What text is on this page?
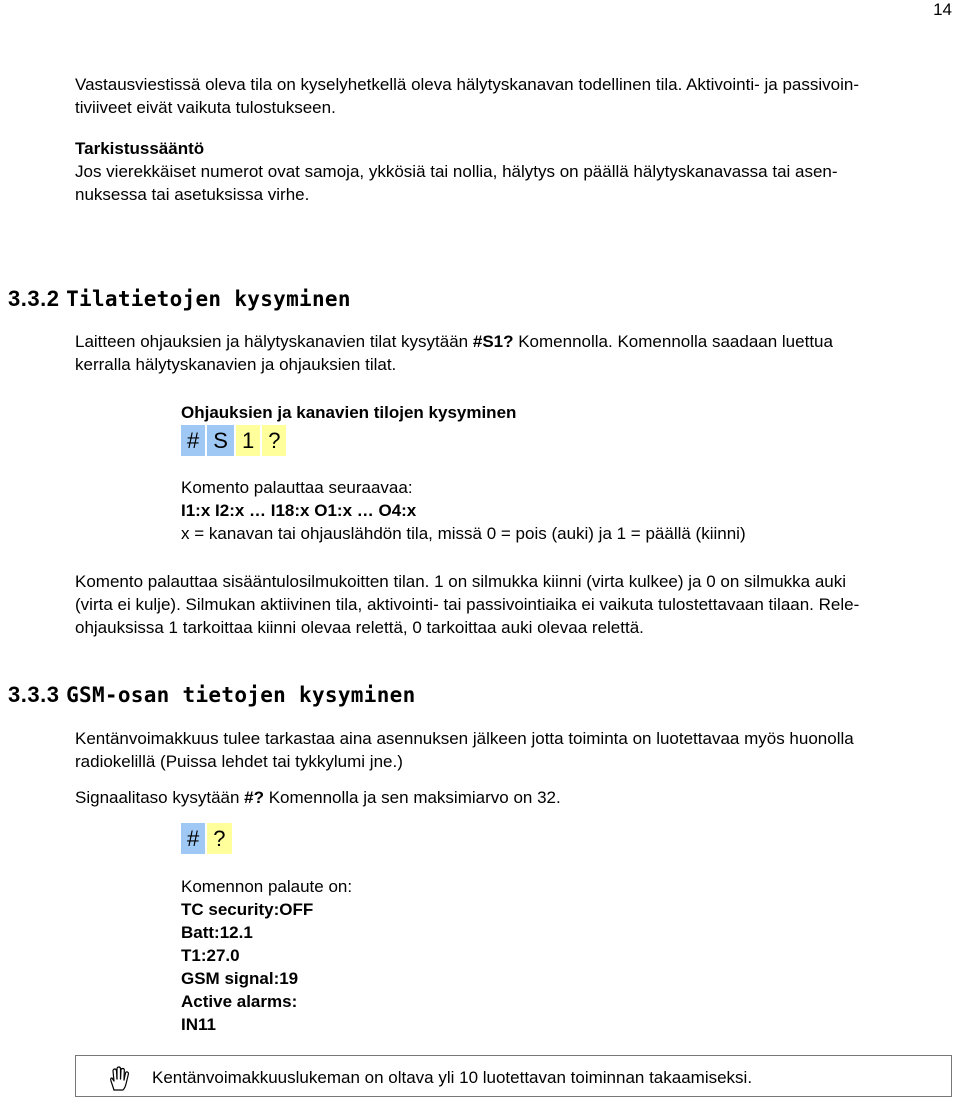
14

Vastausviestissä oleva tila on kyselyhetkellä oleva hälytyskanavan todellinen tila. Aktivointi- ja passivoin-

tiviiveet eivät vaikuta tulostukseen.

Tarkistussääntö

Jos vierekkäiset numerot ovat samoja, ykkösiä tai nollia, hälytys on päällä hälytyskanavassa tai asen-

nuksessa tai asetuksissa virhe.

3.3.2 Tilatietojen kysyminen

Laitteen ohjauksien ja hälytyskanavien tilat kysytään #S1? Komennolla. Komennolla saadaan luettua

kerralla hälytyskanavien ja ohjauksien tilat.

Ohjauksien ja kanavien tilojen kysyminen
# S 1 ?
Komento palauttaa seuraavaa:
I1:x I2:x … I18:x O1:x … O4:x
x = kanavan tai ohjauslähdön tila, missä 0 = pois (auki) ja 1 = päällä (kiinni)

Komento palauttaa sisääntulosilmukoitten tilan. 1 on silmukka kiinni (virta kulkee) ja 0 on silmukka auki

(virta ei kulje). Silmukan aktiivinen tila, aktivointi- tai passivointiaika ei vaikuta tulostettavaan tilaan. Rele-

ohjauksissa 1 tarkoittaa kiinni olevaa relettä, 0 tarkoittaa auki olevaa relettä.

3.3.3 GSM-osan tietojen kysyminen

Kentänvoimakkuus tulee tarkastaa aina asennuksen jälkeen jotta toiminta on luotettavaa myös huonolla

radiokelillä (Puissa lehdet tai tykkylumi jne.)

Signaalitaso kysytään #? Komennolla ja sen maksimiarvo on 32.

# ?
Komennon palaute on:
TC security:OFF
Batt:12.1
T1:27.0
GSM signal:19
Active alarms:
IN11
Kentänvoimakkuuslukeman on oltava yli 10 luotettavan toiminnan takaamiseksi.
